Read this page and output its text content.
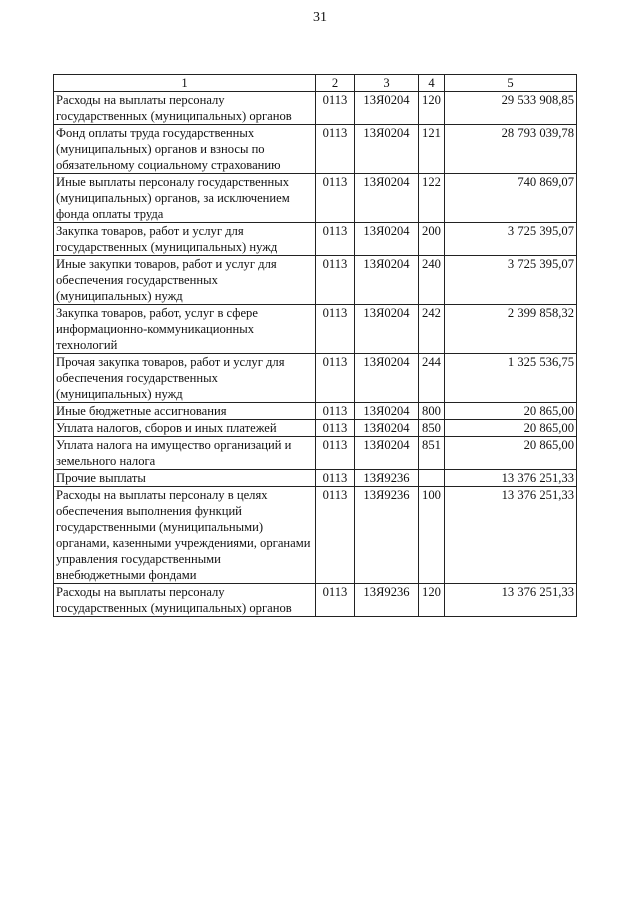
31
1	2	3	4	5
Расходы на выплаты персоналу государственных (муниципальных) органов	0113	13Я0204	120	29 533 908,85
Фонд оплаты труда государственных (муниципальных) органов и взносы по обязательному социальному страхованию	0113	13Я0204	121	28 793 039,78
Иные выплаты персоналу государственных (муниципальных) органов, за исключением фонда оплаты труда	0113	13Я0204	122	740 869,07
Закупка товаров, работ и услуг для государственных (муниципальных) нужд	0113	13Я0204	200	3 725 395,07
Иные закупки товаров, работ и услуг для обеспечения государственных (муниципальных) нужд	0113	13Я0204	240	3 725 395,07
Закупка товаров, работ, услуг в сфере информационно-коммуникационных технологий	0113	13Я0204	242	2 399 858,32
Прочая закупка товаров, работ и услуг для обеспечения государственных (муниципальных) нужд	0113	13Я0204	244	1 325 536,75
Иные бюджетные ассигнования	0113	13Я0204	800	20 865,00
Уплата налогов, сборов и иных платежей	0113	13Я0204	850	20 865,00
Уплата налога на имущество организаций и земельного налога	0113	13Я0204	851	20 865,00
Прочие выплаты	0113	13Я9236		13 376 251,33
Расходы на выплаты персоналу в целях обеспечения выполнения функций государственными (муниципальными) органами, казенными учреждениями, органами управления государственными внебюджетными фондами	0113	13Я9236	100	13 376 251,33
Расходы на выплаты персоналу государственных (муниципальных) органов	0113	13Я9236	120	13 376 251,33
